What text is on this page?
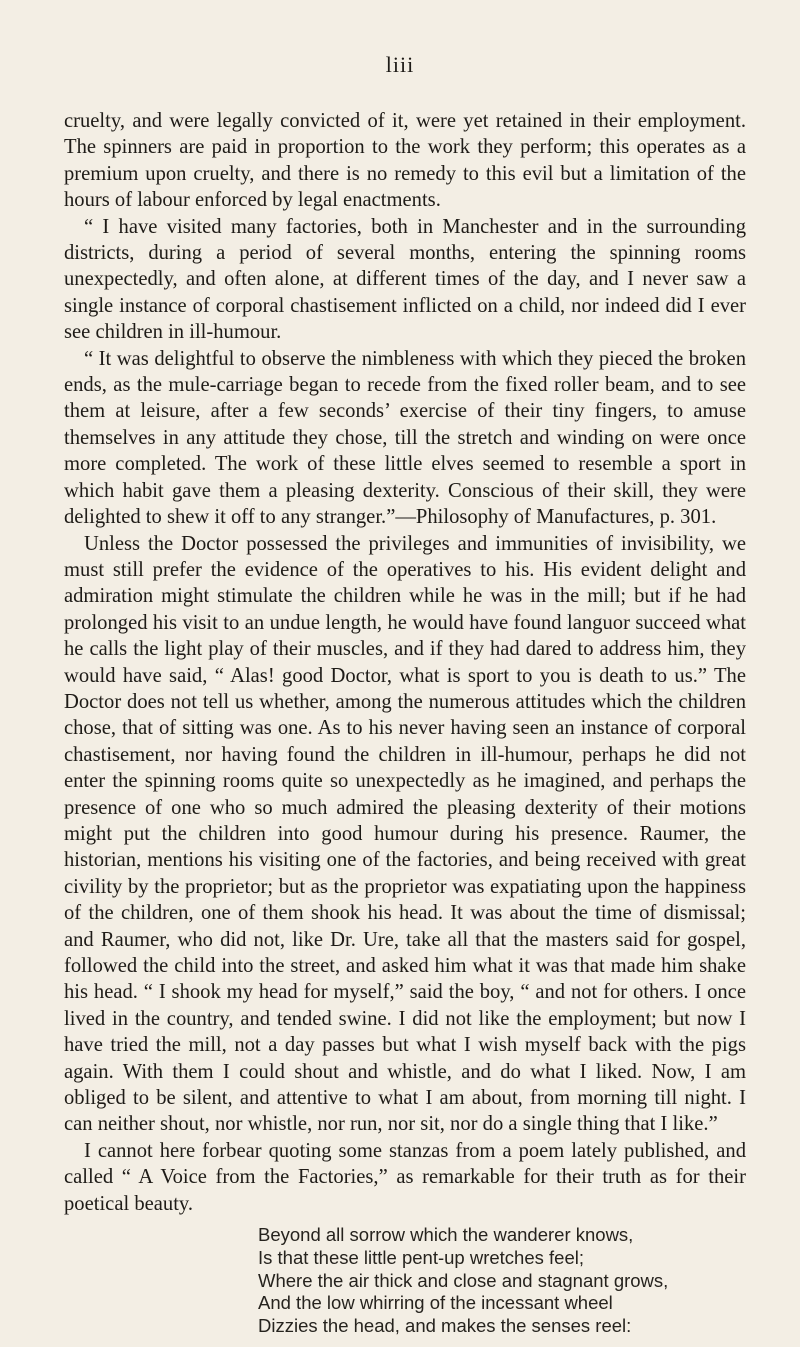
liii

cruelty, and were legally convicted of it, were yet retained in their employment. The spinners are paid in proportion to the work they perform; this operates as a premium upon cruelty, and there is no remedy to this evil but a limitation of the hours of labour enforced by legal enactments.

“ I have visited many factories, both in Manchester and in the surrounding districts, during a period of several months, entering the spinning rooms unexpectedly, and often alone, at different times of the day, and I never saw a single instance of corporal chastisement inflicted on a child, nor indeed did I ever see children in ill-humour.

“ It was delightful to observe the nimbleness with which they pieced the broken ends, as the mule-carriage began to recede from the fixed roller beam, and to see them at leisure, after a few seconds’ exercise of their tiny fingers, to amuse themselves in any attitude they chose, till the stretch and winding on were once more completed. The work of these little elves seemed to resemble a sport in which habit gave them a pleasing dexterity. Conscious of their skill, they were delighted to shew it off to any stranger.”—Philosophy of Manufactures, p. 301.

Unless the Doctor possessed the privileges and immunities of invisibility, we must still prefer the evidence of the operatives to his. His evident delight and admiration might stimulate the children while he was in the mill; but if he had prolonged his visit to an undue length, he would have found languor succeed what he calls the light play of their muscles, and if they had dared to address him, they would have said, “ Alas! good Doctor, what is sport to you is death to us.” The Doctor does not tell us whether, among the numerous attitudes which the children chose, that of sitting was one. As to his never having seen an instance of corporal chastisement, nor having found the children in ill-humour, perhaps he did not enter the spinning rooms quite so unexpectedly as he imagined, and perhaps the presence of one who so much admired the pleasing dexterity of their motions might put the children into good humour during his presence. Raumer, the historian, mentions his visiting one of the factories, and being received with great civility by the proprietor; but as the proprietor was expatiating upon the happiness of the children, one of them shook his head. It was about the time of dismissal; and Raumer, who did not, like Dr. Ure, take all that the masters said for gospel, followed the child into the street, and asked him what it was that made him shake his head. “ I shook my head for myself,” said the boy, “ and not for others. I once lived in the country, and tended swine. I did not like the employment; but now I have tried the mill, not a day passes but what I wish myself back with the pigs again. With them I could shout and whistle, and do what I liked. Now, I am obliged to be silent, and attentive to what I am about, from morning till night. I can neither shout, nor whistle, nor run, nor sit, nor do a single thing that I like.”

I cannot here forbear quoting some stanzas from a poem lately published, and called “ A Voice from the Factories,” as remarkable for their truth as for their poetical beauty.

Beyond all sorrow which the wanderer knows,
Is that these little pent-up wretches feel;
Where the air thick and close and stagnant grows,
And the low whirring of the incessant wheel
Dizzies the head, and makes the senses reel:
